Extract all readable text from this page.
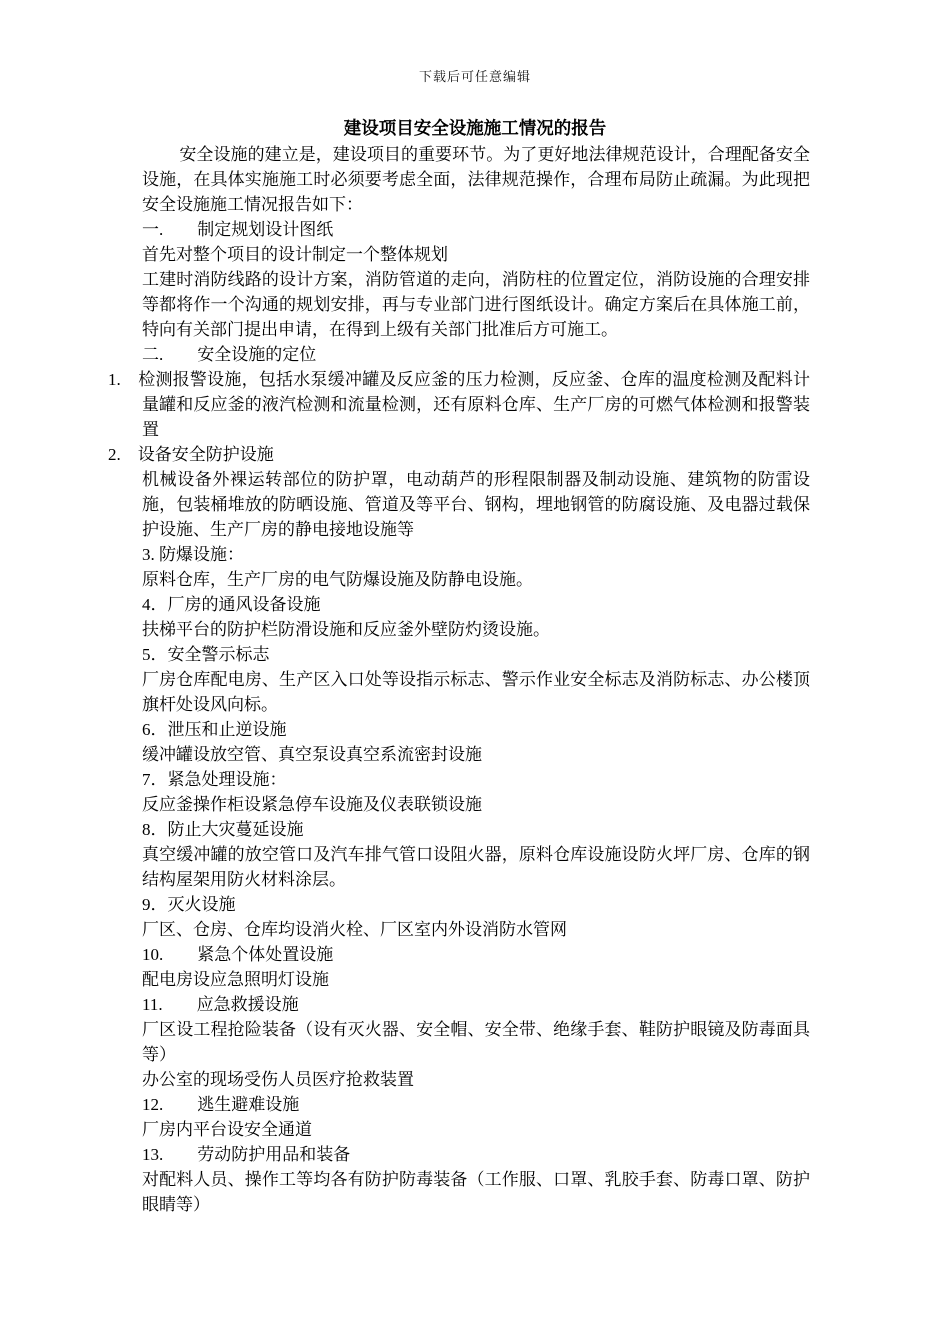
下载后可任意编辑
建设项目安全设施施工情况的报告

安全设施的建立是，建设项目的重要环节。为了更好地法律规范设计，合理配备安全设施，在具体实施施工时必须要考虑全面，法律规范操作，合理布局防止疏漏。为此现把安全设施施工情况报告如下：

一.　　制定规划设计图纸

首先对整个项目的设计制定一个整体规划

工建时消防线路的设计方案，消防管道的走向，消防柱的位置定位，消防设施的合理安排等都将作一个沟通的规划安排，再与专业部门进行图纸设计。确定方案后在具体施工前，特向有关部门提出申请，在得到上级有关部门批准后方可施工。

二.　　安全设施的定位

1.　检测报警设施，包括水泵缓冲罐及反应釜的压力检测，反应釜、仓库的温度检测及配料计量罐和反应釜的液汽检测和流量检测，还有原料仓库、生产厂房的可燃气体检测和报警装置

2.　设备安全防护设施

机械设备外裸运转部位的防护罩，电动葫芦的形程限制器及制动设施、建筑物的防雷设施，包装桶堆放的防晒设施、管道及等平台、钢构，埋地钢管的防腐设施、及电器过载保护设施、生产厂房的静电接地设施等

3. 防爆设施：

原料仓库，生产厂房的电气防爆设施及防静电设施。

4．厂房的通风设备设施

扶梯平台的防护栏防滑设施和反应釜外壁防灼烫设施。

5．安全警示标志

厂房仓库配电房、生产区入口处等设指示标志、警示作业安全标志及消防标志、办公楼顶旗杆处设风向标。

6．泄压和止逆设施

缓冲罐设放空管、真空泵设真空系流密封设施

7．紧急处理设施：

反应釜操作柜设紧急停车设施及仪表联锁设施

8．防止大灾蔓延设施

真空缓冲罐的放空管口及汽车排气管口设阻火器，原料仓库设施设防火坪厂房、仓库的钢结构屋架用防火材料涂层。

9．灭火设施

厂区、仓房、仓库均设消火栓、厂区室内外设消防水管网

10.　　紧急个体处置设施

配电房设应急照明灯设施

11.　　应急救援设施

厂区设工程抢险装备（设有灭火器、安全帽、安全带、绝缘手套、鞋防护眼镜及防毒面具等）

办公室的现场受伤人员医疗抢救装置

12.　　逃生避难设施

厂房内平台设安全通道

13.　　劳动防护用品和装备

对配料人员、操作工等均各有防护防毒装备（工作服、口罩、乳胶手套、防毒口罩、防护眼睛等）
